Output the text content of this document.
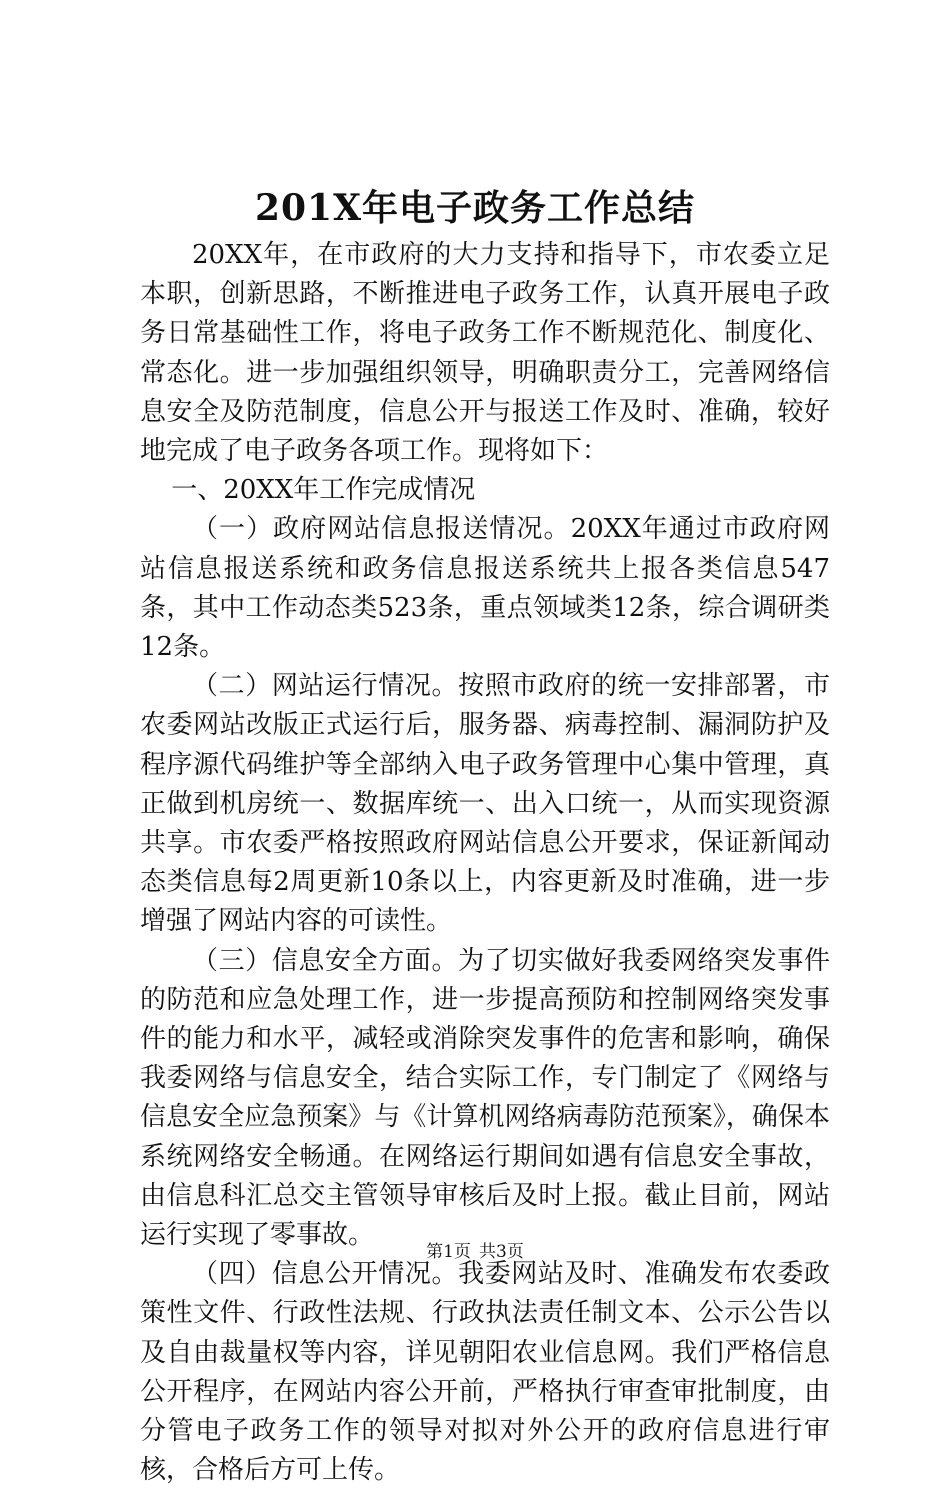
201X年电子政务工作总结

20XX年，在市政府的大力支持和指导下，市农委立足本职，创新思路，不断推进电子政务工作，认真开展电子政务日常基础性工作，将电子政务工作不断规范化、制度化、常态化。进一步加强组织领导，明确职责分工，完善网络信息安全及防范制度，信息公开与报送工作及时、准确，较好地完成了电子政务各项工作。现将如下：

一、20XX年工作完成情况

（一）政府网站信息报送情况。20XX年通过市政府网站信息报送系统和政务信息报送系统共上报各类信息547条，其中工作动态类523条，重点领域类12条，综合调研类12条。

（二）网站运行情况。按照市政府的统一安排部署，市农委网站改版正式运行后，服务器、病毒控制、漏洞防护及程序源代码维护等全部纳入电子政务管理中心集中管理，真正做到机房统一、数据库统一、出入口统一，从而实现资源共享。市农委严格按照政府网站信息公开要求，保证新闻动态类信息每2周更新10条以上，内容更新及时准确，进一步增强了网站内容的可读性。

（三）信息安全方面。为了切实做好我委网络突发事件的防范和应急处理工作，进一步提高预防和控制网络突发事件的能力和水平，减轻或消除突发事件的危害和影响，确保我委网络与信息安全，结合实际工作，专门制定了《网络与信息安全应急预案》与《计算机网络病毒防范预案》，确保本系统网络安全畅通。在网络运行期间如遇有信息安全事故，由信息科汇总交主管领导审核后及时上报。截止目前，网站运行实现了零事故。

（四）信息公开情况。我委网站及时、准确发布农委政策性文件、行政性法规、行政执法责任制文本、公示公告以及自由裁量权等内容，详见朝阳农业信息网。我们严格信息公开程序，在网站内容公开前，严格执行审查审批制度，由分管电子政务工作的领导对拟对外公开的政府信息进行审核，合格后方可上传。

第1页 共3页
